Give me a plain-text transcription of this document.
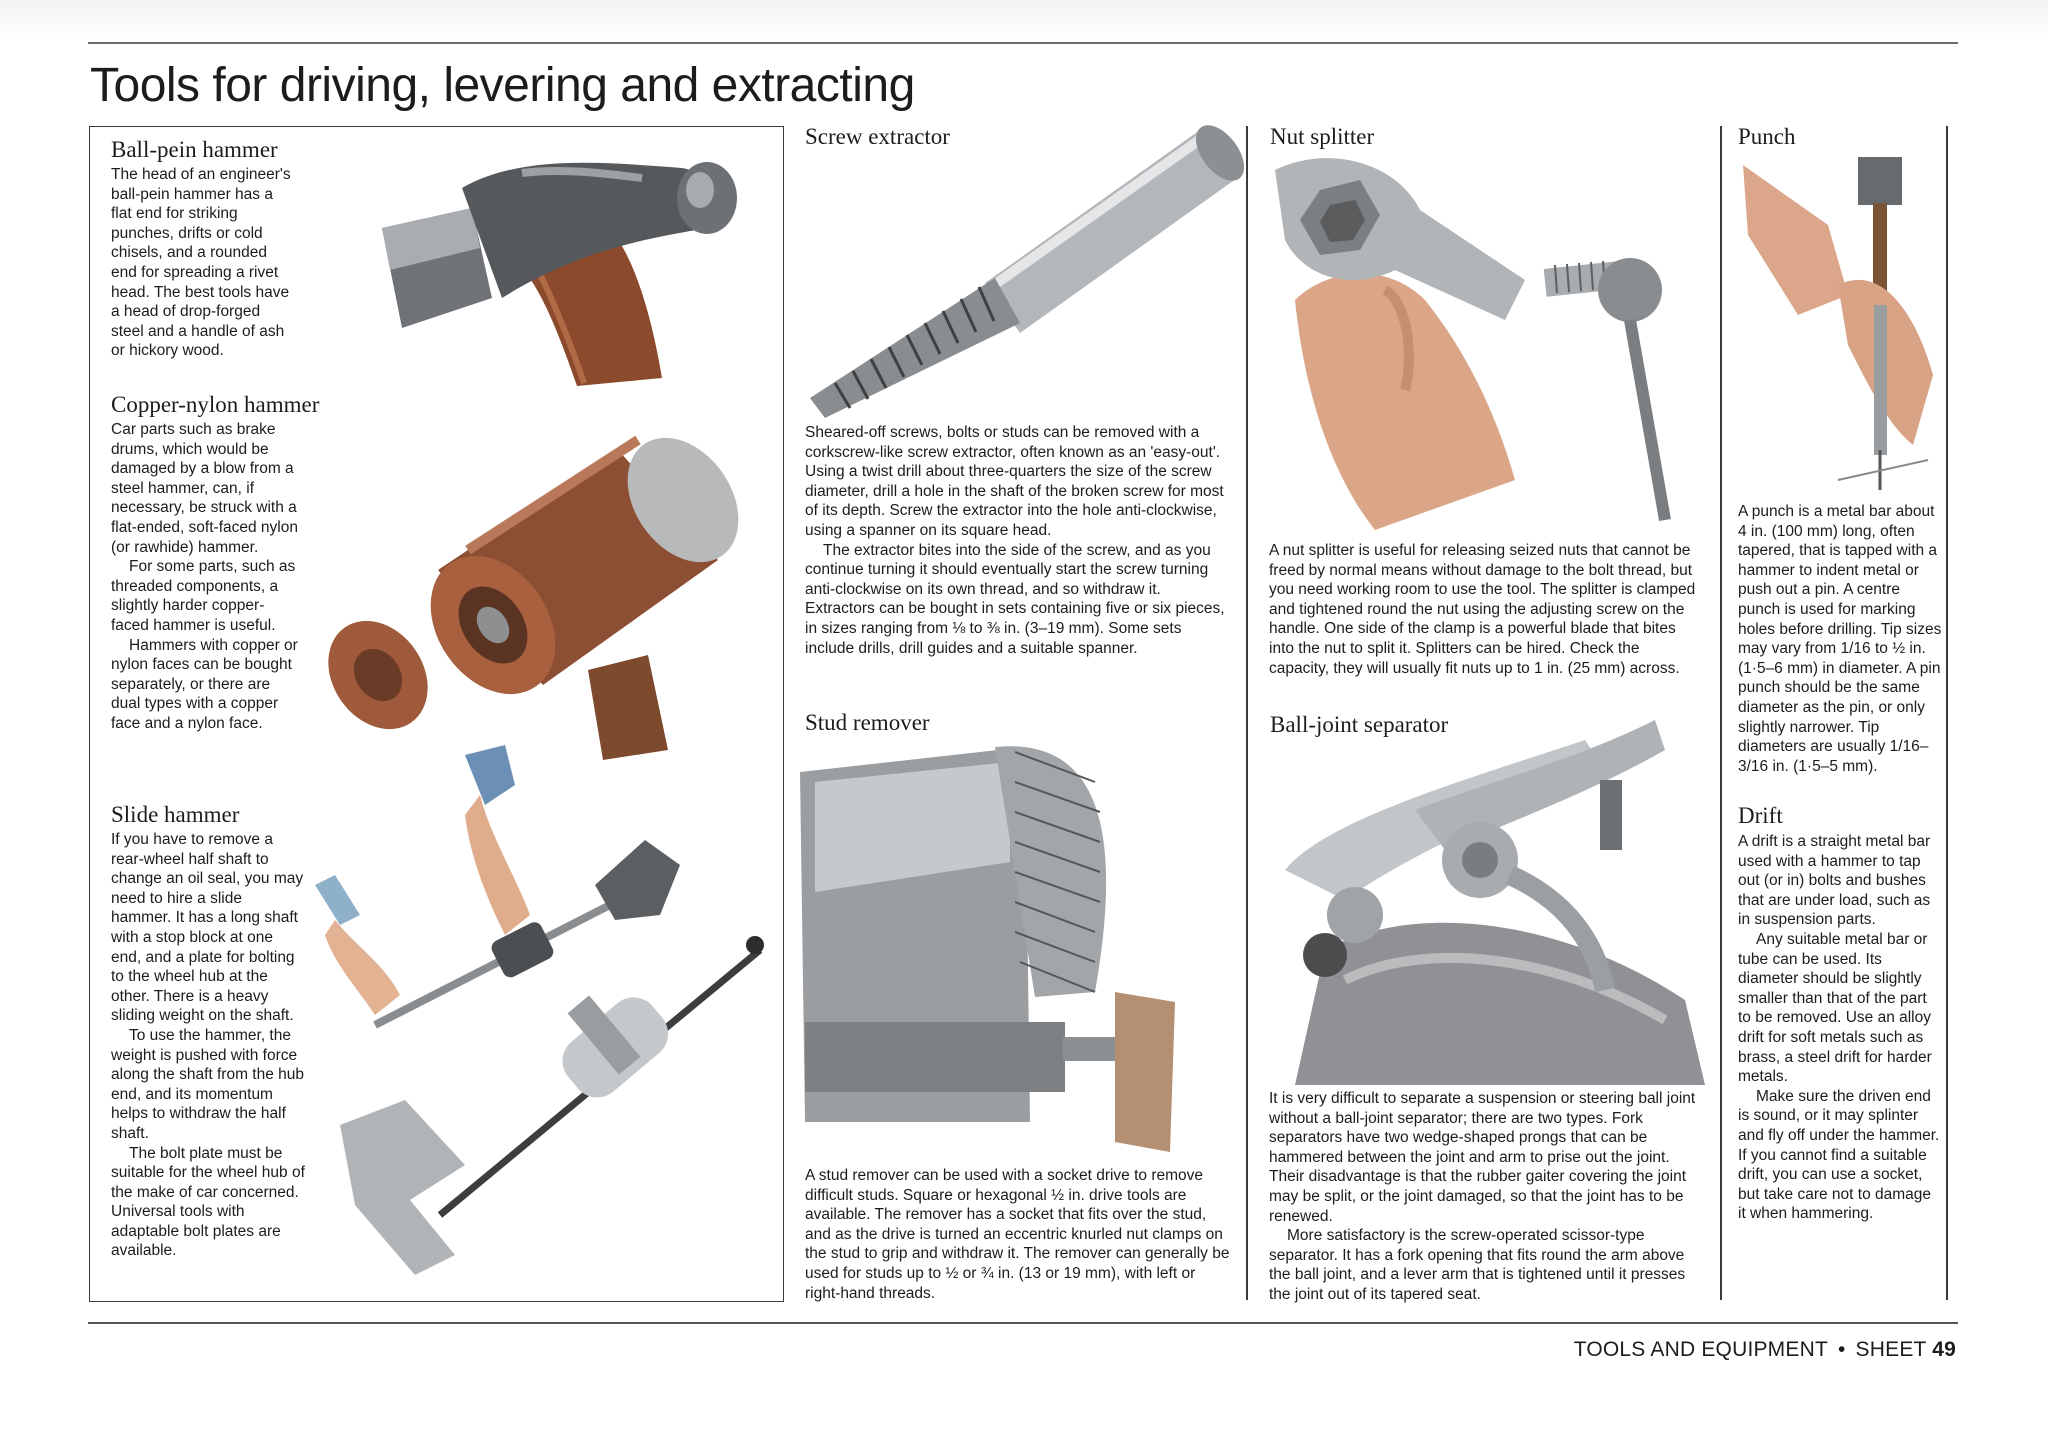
Tools for driving, levering and extracting
Ball-pein hammer

The head of an engineer's ball-pein hammer has a flat end for striking punches, drifts or cold chisels, and a rounded end for spreading a rivet head. The best tools have a head of drop-forged steel and a handle of ash or hickory wood.

Copper-nylon hammer

Car parts such as brake drums, which would be damaged by a blow from a steel hammer, can, if necessary, be struck with a flat-ended, soft-faced nylon (or rawhide) hammer.

For some parts, such as threaded components, a slightly harder copper-faced hammer is useful.

Hammers with copper or nylon faces can be bought separately, or there are dual types with a copper face and a nylon face.

Slide hammer

If you have to remove a rear-wheel half shaft to change an oil seal, you may need to hire a slide hammer. It has a long shaft with a stop block at one end, and a plate for bolting to the wheel hub at the other. There is a heavy sliding weight on the shaft.

To use the hammer, the weight is pushed with force along the shaft from the hub end, and its momentum helps to withdraw the half shaft.

The bolt plate must be suitable for the wheel hub of the make of car concerned. Universal tools with adaptable bolt plates are available.

Screw extractor

Sheared-off screws, bolts or studs can be removed with a corkscrew-like screw extractor, often known as an 'easy-out'. Using a twist drill about three-quarters the size of the screw diameter, drill a hole in the shaft of the broken screw for most of its depth. Screw the extractor into the hole anti-clockwise, using a spanner on its square head.

The extractor bites into the side of the screw, and as you continue turning it should eventually start the screw turning anti-clockwise on its own thread, and so withdraw it. Extractors can be bought in sets containing five or six pieces, in sizes ranging from ⅛ to ⅜ in. (3–19 mm). Some sets include drills, drill guides and a suitable spanner.

Stud remover

A stud remover can be used with a socket drive to remove difficult studs. Square or hexagonal ½ in. drive tools are available. The remover has a socket that fits over the stud, and as the drive is turned an eccentric knurled nut clamps on the stud to grip and withdraw it. The remover can generally be used for studs up to ½ or ¾ in. (13 or 19 mm), with left or right-hand threads.

Nut splitter

A nut splitter is useful for releasing seized nuts that cannot be freed by normal means without damage to the bolt thread, but you need working room to use the tool. The splitter is clamped and tightened round the nut using the adjusting screw on the handle. One side of the clamp is a powerful blade that bites into the nut to split it. Splitters can be hired. Check the capacity, they will usually fit nuts up to 1 in. (25 mm) across.

Ball-joint separator

It is very difficult to separate a suspension or steering ball joint without a ball-joint separator; there are two types. Fork separators have two wedge-shaped prongs that can be hammered between the joint and arm to prise out the joint. Their disadvantage is that the rubber gaiter covering the joint may be split, or the joint damaged, so that the joint has to be renewed.

More satisfactory is the screw-operated scissor-type separator. It has a fork opening that fits round the arm above the ball joint, and a lever arm that is tightened until it presses the joint out of its tapered seat.

Punch

A punch is a metal bar about 4 in. (100 mm) long, often tapered, that is tapped with a hammer to indent metal or push out a pin. A centre punch is used for marking holes before drilling. Tip sizes may vary from 1/16 to ½ in. (1·5–6 mm) in diameter. A pin punch should be the same diameter as the pin, or only slightly narrower. Tip diameters are usually 1/16–3/16 in. (1·5–5 mm).

Drift

A drift is a straight metal bar used with a hammer to tap out (or in) bolts and bushes that are under load, such as in suspension parts.

Any suitable metal bar or tube can be used. Its diameter should be slightly smaller than that of the part to be removed. Use an alloy drift for soft metals such as brass, a steel drift for harder metals.

Make sure the driven end is sound, or it may splinter and fly off under the hammer. If you cannot find a suitable drift, you can use a socket, but take care not to damage it when hammering.

TOOLS AND EQUIPMENT • SHEET 49
